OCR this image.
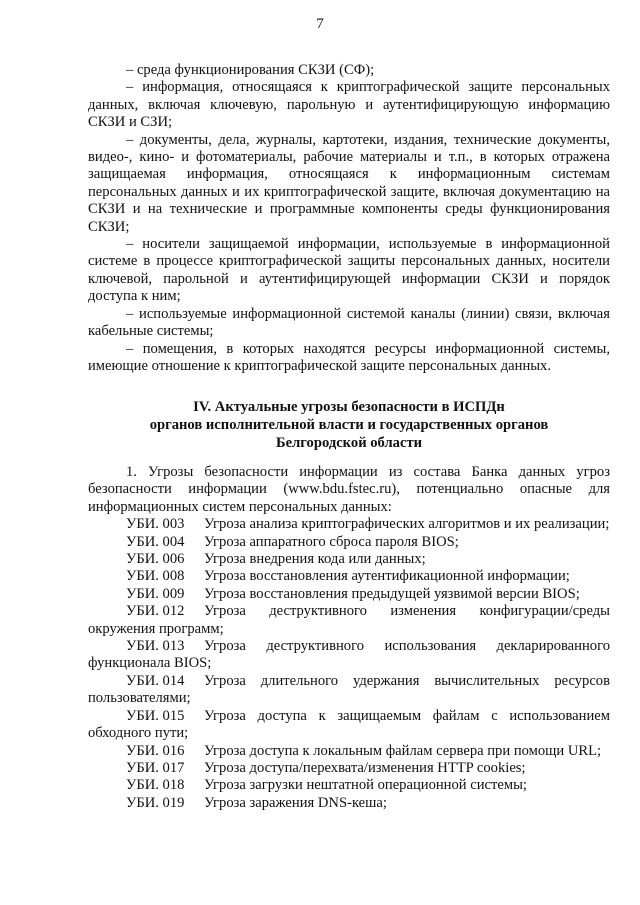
7

– среда функционирования СКЗИ (СФ);

– информация, относящаяся к криптографической защите персональных данных, включая ключевую, парольную и аутентифицирующую информацию СКЗИ и СЗИ;

– документы, дела, журналы, картотеки, издания, технические документы, видео-, кино- и фотоматериалы, рабочие материалы и т.п., в которых отражена защищаемая информация, относящаяся к информационным системам персональных данных и их криптографической защите, включая документацию на СКЗИ и на технические и программные компоненты среды функционирования СКЗИ;

– носители защищаемой информации, используемые в информационной системе в процессе криптографической защиты персональных данных, носители ключевой, парольной и аутентифицирующей информации СКЗИ и порядок доступа к ним;

– используемые информационной системой каналы (линии) связи, включая кабельные системы;

– помещения, в которых находятся ресурсы информационной системы, имеющие отношение к криптографической защите персональных данных.

IV. Актуальные угрозы безопасности в ИСПДн
органов исполнительной власти и государственных органов
Белгородской области

1. Угрозы безопасности информации из состава Банка данных угроз безопасности информации (www.bdu.fstec.ru), потенциально опасные для информационных систем персональных данных:

УБИ. 003 Угроза анализа криптографических алгоритмов и их реализации;

УБИ. 004 Угроза аппаратного сброса пароля BIOS;

УБИ. 006 Угроза внедрения кода или данных;

УБИ. 008 Угроза восстановления аутентификационной информации;

УБИ. 009 Угроза восстановления предыдущей уязвимой версии BIOS;

УБИ. 012 Угроза деструктивного изменения конфигурации/среды окружения программ;

УБИ. 013 Угроза деструктивного использования декларированного функционала BIOS;

УБИ. 014 Угроза длительного удержания вычислительных ресурсов пользователями;

УБИ. 015 Угроза доступа к защищаемым файлам с использованием обходного пути;

УБИ. 016 Угроза доступа к локальным файлам сервера при помощи URL;

УБИ. 017 Угроза доступа/перехвата/изменения HTTP cookies;

УБИ. 018 Угроза загрузки нештатной операционной системы;

УБИ. 019 Угроза заражения DNS-кеша;
